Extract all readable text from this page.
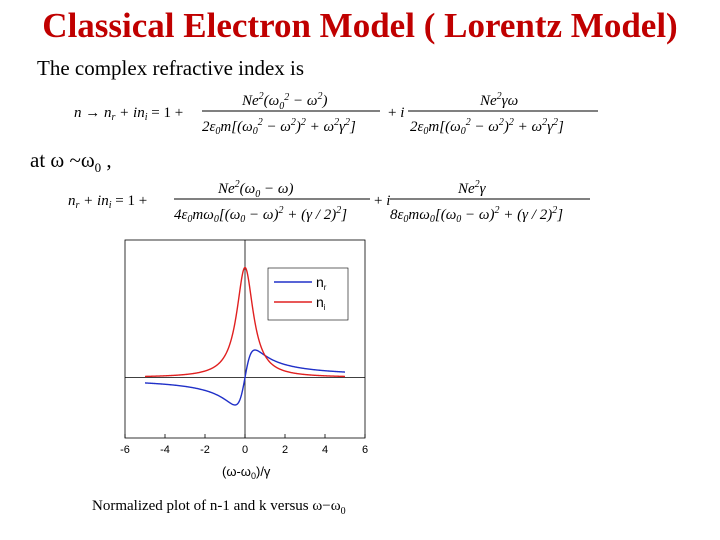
Classical Electron Model ( Lorentz Model)
The complex refractive index is
$n \to n_r + in_i = 1$ +
$Ne^2(\omega_0^2 - \omega^2)$
$2\varepsilon_0m[(\omega_0^2 - \omega^2)^2 + \omega^2\gamma^2]$
+ i
Ne$^2$γω
$2\varepsilon_0m[(\omega_0^2 - \omega^2)^2 + \omega^2\gamma^2]$
at ω $\sim\omega_0$ ,
$n_r + in_i = 1$ +
$Ne^2(\omega_0 - \omega)$
$4\varepsilon_0m\omega_0[(\omega_0 - \omega)^2 + (\gamma / 2)^2]$
+ i
Ne$^2$γ
$8\varepsilon_0m\omega_0[(\omega_0 - \omega)^2 + (\gamma / 2)^2]$
-6	-4	-2	0	2	4	6
$n_r$
$n_i$
$(\omega-\omega_0)/\gamma$
Normalized plot of n-1 and k versus $\omega-\omega_0$
